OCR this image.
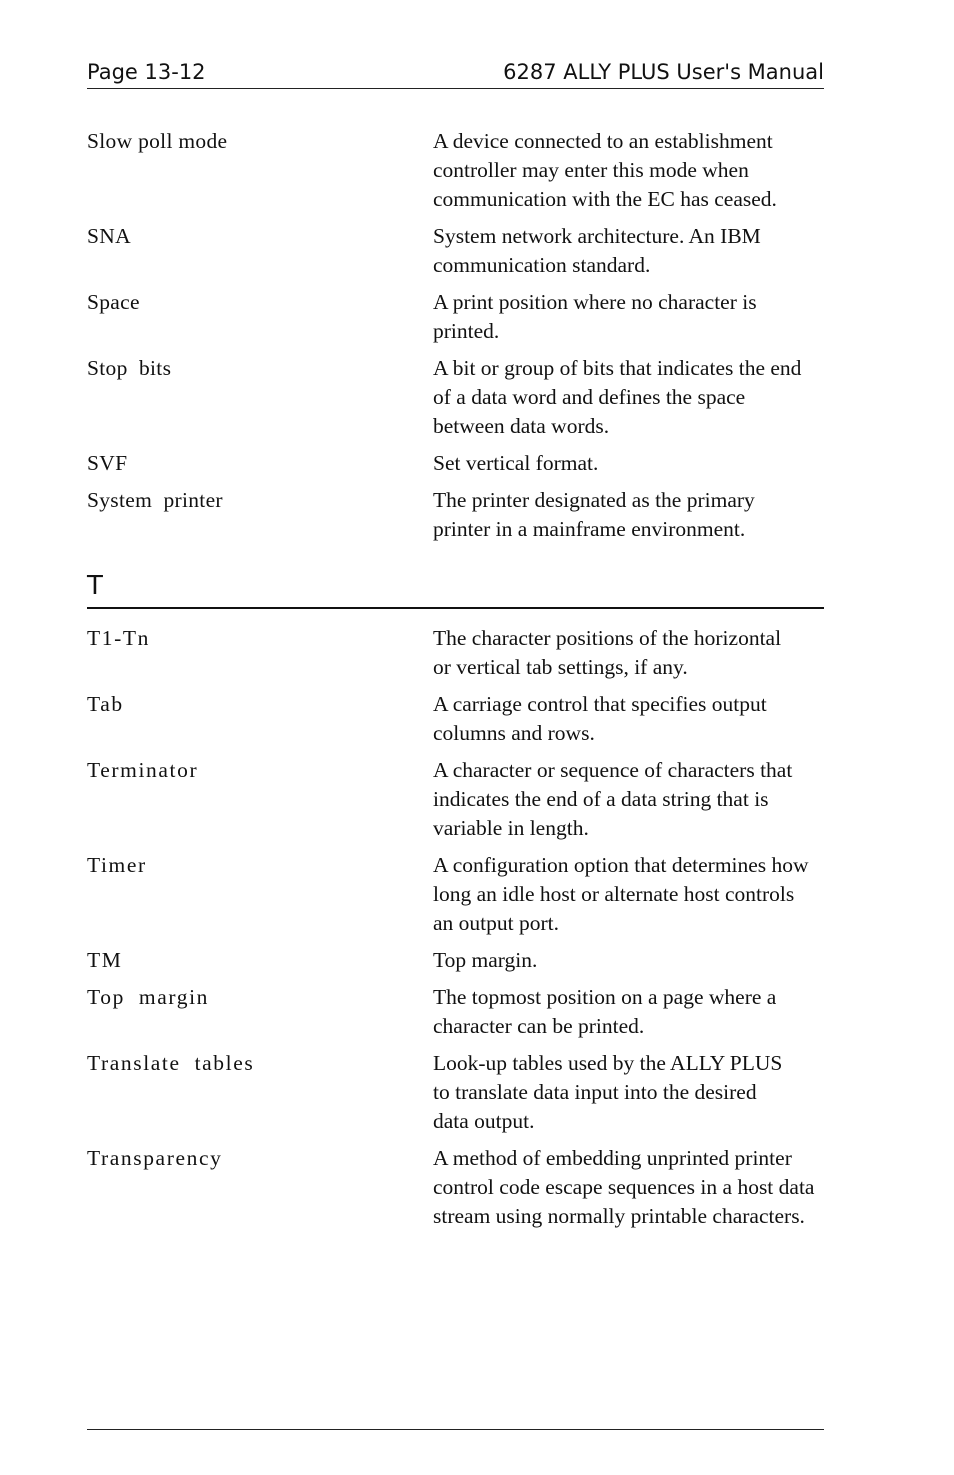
Page 13-12	6287 ALLY PLUS User's Manual
Slow poll mode	A device connected to an establishment controller may enter this mode when communication with the EC has ceased.
SNA	System network architecture. An IBM communication standard.
Space	A print position where no character is printed.
Stop  bits	A bit or group of bits that indicates the end of a data word and defines the space between data words.
SVF	Set vertical format.
System  printer	The printer designated as the primary printer in a mainframe environment.
T
T1-Tn	The character positions of the horizontal or vertical tab settings, if any.
Tab	A carriage control that specifies output columns and rows.
Terminator	A character or sequence of characters that indicates the end of a data string that is variable in length.
Timer	A configuration option that determines how long an idle host or alternate host controls an output port.
TM	Top margin.
Top  margin	The topmost position on a page where a character can be printed.
Translate  tables	Look-up tables used by the ALLY PLUS to translate data input into the desired data output.
Transparency	A method of embedding unprinted printer control code escape sequences in a host data stream using normally printable characters.
